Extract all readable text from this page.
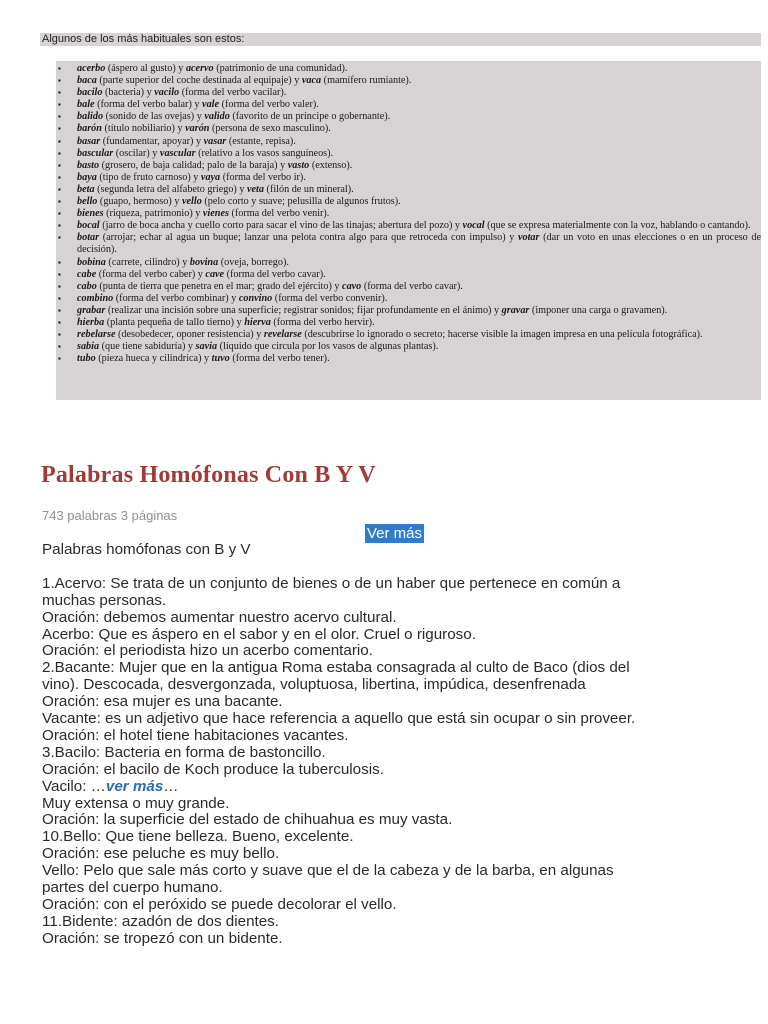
Algunos de los más habituales son estos:
▪ acerbo (áspero al gusto) y acervo (patrimonio de una comunidad).
▪ baca (parte superior del coche destinada al equipaje) y vaca (mamífero rumiante).
▪ bacilo (bacteria) y vacilo (forma del verbo vacilar).
▪ bale (forma del verbo balar) y vale (forma del verbo valer).
▪ balido (sonido de las ovejas) y valido (favorito de un príncipe o gobernante).
▪ barón (título nobiliario) y varón (persona de sexo masculino).
▪ basar (fundamentar, apoyar) y vasar (estante, repisa).
▪ bascular (oscilar) y vascular (relativo a los vasos sanguíneos).
▪ basto (grosero, de baja calidad; palo de la baraja) y vasto (extenso).
▪ baya (tipo de fruto carnoso) y vaya (forma del verbo ir).
▪ beta (segunda letra del alfabeto griego) y veta (filón de un mineral).
▪ bello (guapo, hermoso) y vello (pelo corto y suave; pelusilla de algunos frutos).
▪ bienes (riqueza, patrimonio) y vienes (forma del verbo venir).
▪ bocal (jarro de boca ancha y cuello corto para sacar el vino de las tinajas; abertura del pozo) y vocal (que se expresa materialmente con la voz, hablando o cantando).
▪ botar (arrojar; echar al agua un buque; lanzar una pelota contra algo para que retroceda con impulso) y votar (dar un voto en unas elecciones o en un proceso de decisión).
▪ bobina (carrete, cilindro) y bovina (oveja, borrego).
▪ cabe (forma del verbo caber) y cave (forma del verbo cavar).
▪ cabo (punta de tierra que penetra en el mar; grado del ejército) y cavo (forma del verbo cavar).
▪ combino (forma del verbo combinar) y convino (forma del verbo convenir).
▪ grabar (realizar una incisión sobre una superficie; registrar sonidos; fijar profundamente en el ánimo) y gravar (imponer una carga o gravamen).
▪ hierba (planta pequeña de tallo tierno) y hierva (forma del verbo hervir).
▪ rebelarse (desobedecer, oponer resistencia) y revelarse (descubrirse lo ignorado o secreto; hacerse visible la imagen impresa en una película fotográfica).
▪ sabia (que tiene sabiduría) y savia (líquido que circula por los vasos de algunas plantas).
▪ tubo (pieza hueca y cilíndrica) y tuvo (forma del verbo tener).
Palabras Homófonas Con B Y V
743 palabras 3 páginas
Ver más
Palabras homófonas con B y V
1.Acervo: Se trata de un conjunto de bienes o de un haber que pertenece en común a
muchas personas.
Oración: debemos aumentar nuestro acervo cultural.
Acerbo: Que es áspero en el sabor y en el olor. Cruel o riguroso.
Oración: el periodista hizo un acerbo comentario.
2.Bacante: Mujer que en la antigua Roma estaba consagrada al culto de Baco (dios del
vino). Descocada, desvergonzada, voluptuosa, libertina, impúdica, desenfrenada
Oración: esa mujer es una bacante.
Vacante: es un adjetivo que hace referencia a aquello que está sin ocupar o sin proveer.
Oración: el hotel tiene habitaciones vacantes.
3.Bacilo: Bacteria en forma de bastoncillo.
Oración: el bacilo de Koch produce la tuberculosis.
Vacilo: …ver más…
Muy extensa o muy grande.
Oración: la superficie del estado de chihuahua es muy vasta.
10.Bello: Que tiene belleza. Bueno, excelente.
Oración: ese peluche es muy bello.
Vello: Pelo que sale más corto y suave que el de la cabeza y de la barba, en algunas
partes del cuerpo humano.
Oración: con el peróxido se puede decolorar el vello.
11.Bidente: azadón de dos dientes.
Oración: se tropezó con un bidente.
